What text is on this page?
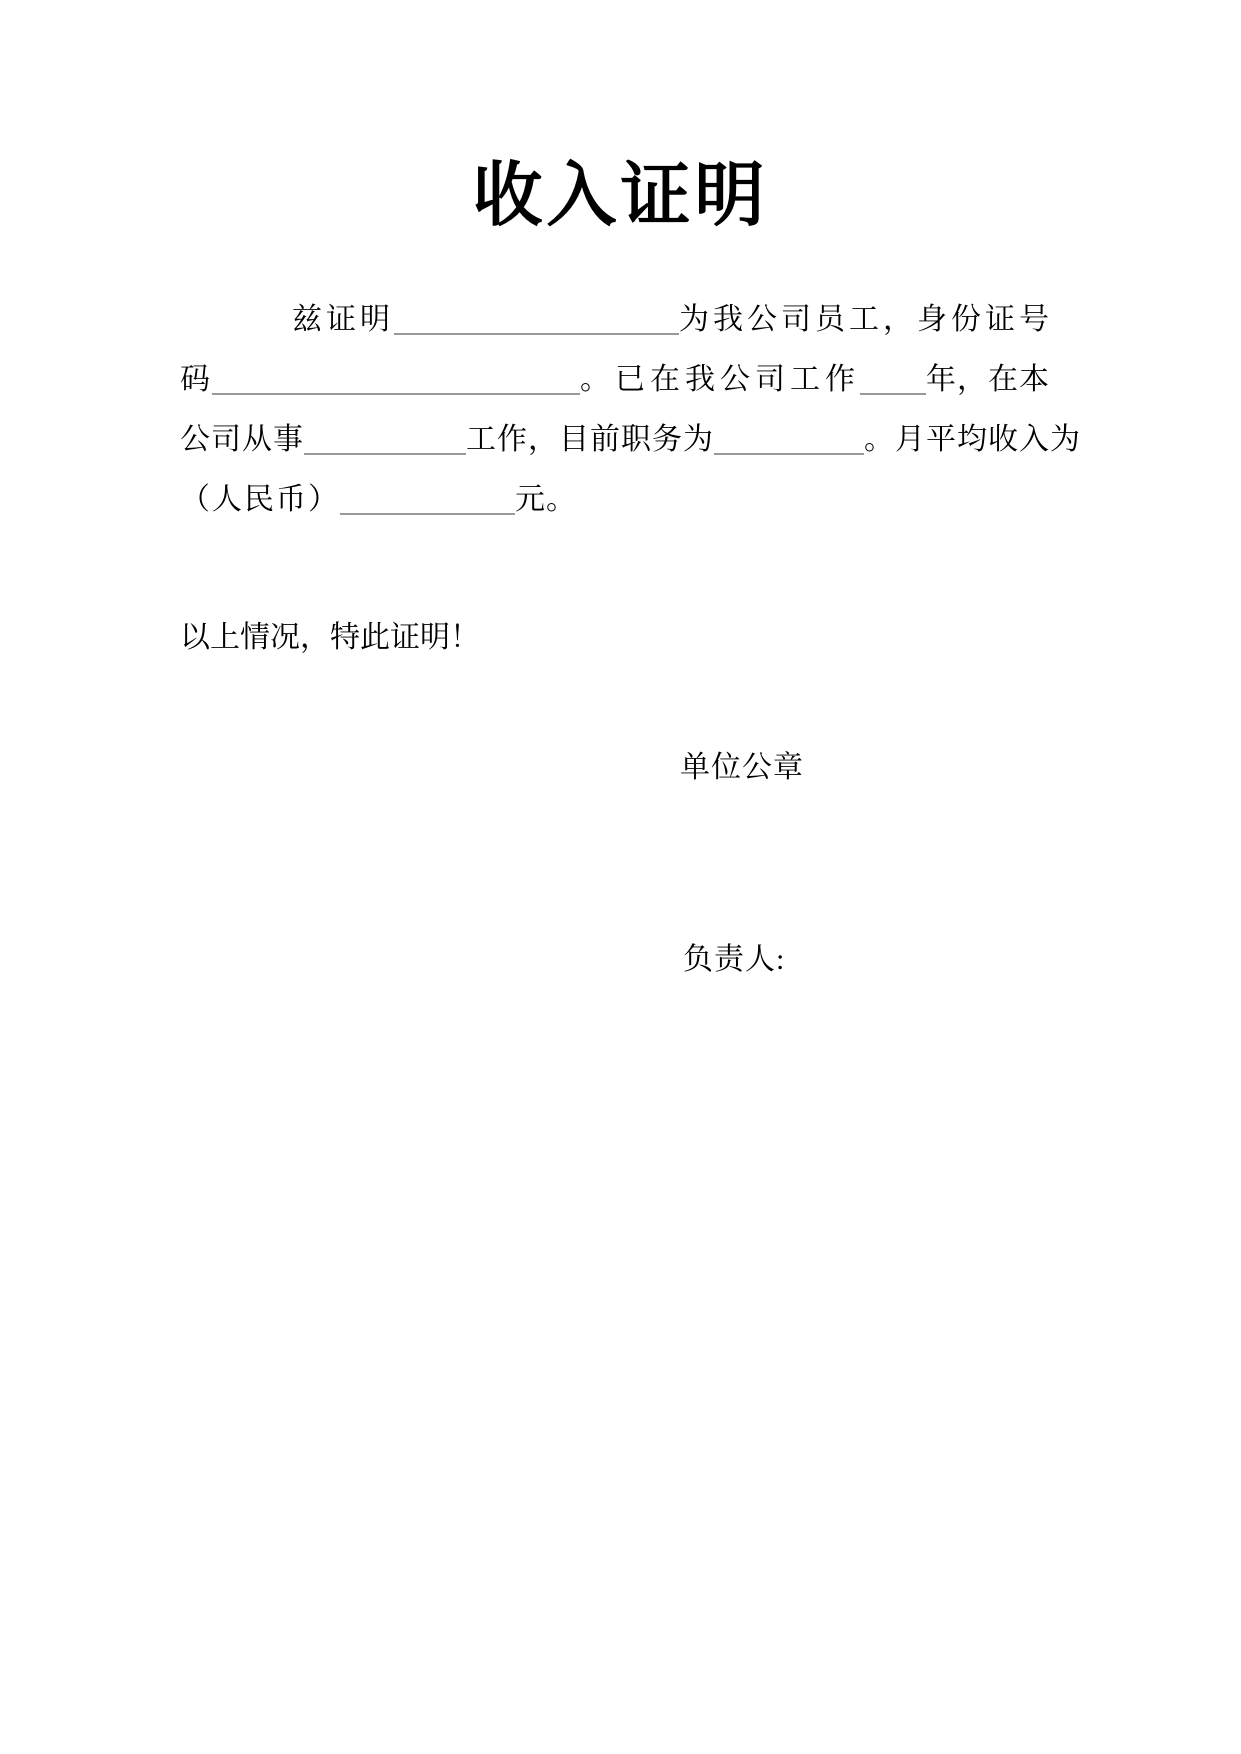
收入证明

兹证明	为我公司员工，身份证号

码	。已在我公司工作 年，在本

公司从事	工作，目前职务为	。月平均收入为

（人民币）	元。

以上情况，特此证明！

单位公章

负责人:
